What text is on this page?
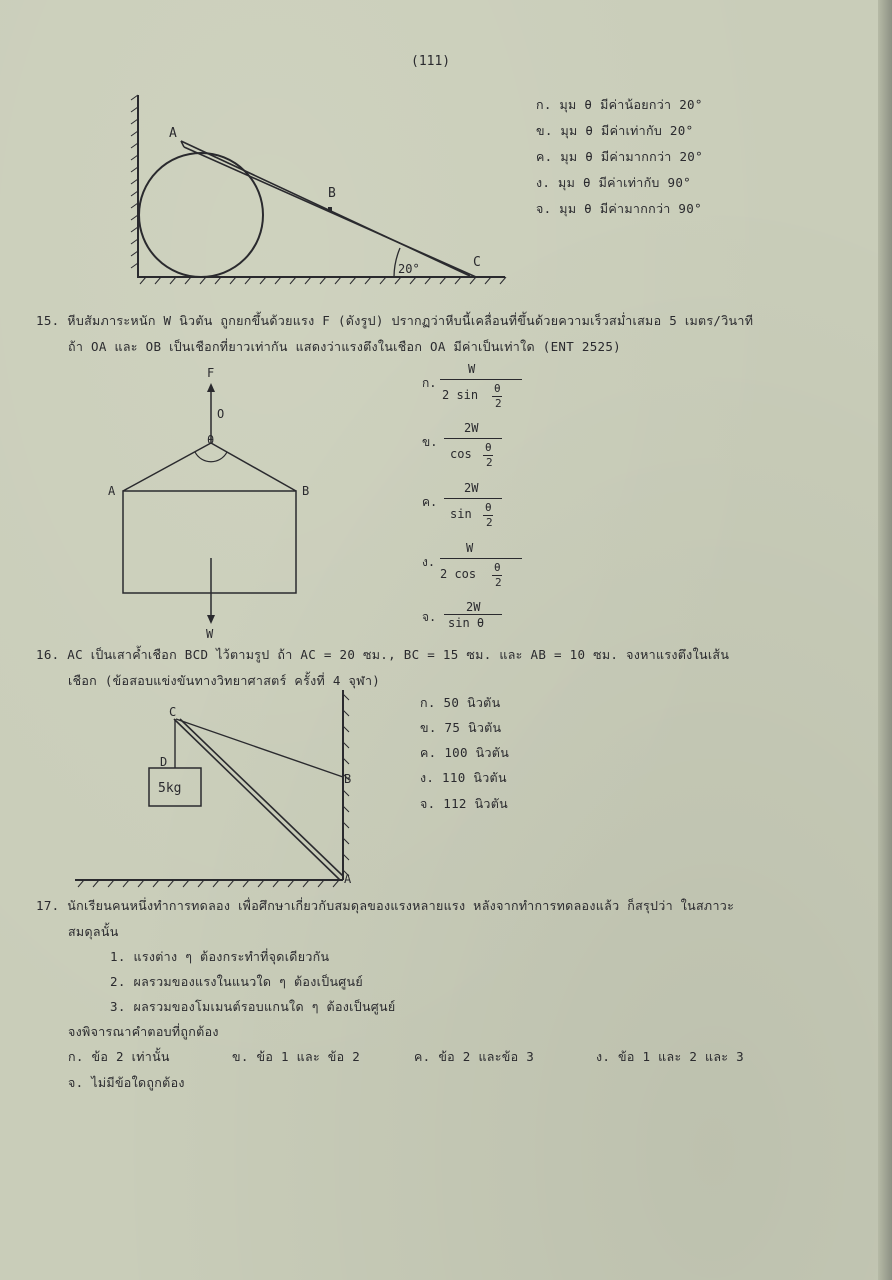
(111)
A
B
C
20°
ก. มุม θ มีค่าน้อยกว่า 20°
ข. มุม θ มีค่าเท่ากับ 20°
ค. มุม θ มีค่ามากกว่า 20°
ง. มุม θ มีค่าเท่ากับ 90°
จ. มุม θ มีค่ามากกว่า 90°
15. หีบสัมภาระหนัก W นิวตัน ถูกยกขึ้นด้วยแรง F (ดังรูป) ปรากฏว่าหีบนี้เคลื่อนที่ขึ้นด้วยความเร็วสม่ำเสมอ 5 เมตร/วินาที
ถ้า OA และ OB เป็นเชือกที่ยาวเท่ากัน แสดงว่าแรงตึงในเชือก OA มีค่าเป็นเท่าใด (ENT 2525)
F
O
θ
A	B
W
ก.
W
2 sin θ
2
ข.
2W
cos θ
2
ค.
2W
sin θ
2
ง.
W
2 cos θ
2
จ.
2W
sin θ
16. AC เป็นเสาค้ำเชือก BCD ไว้ตามรูป ถ้า AC = 20 ซม., BC = 15 ซม. และ AB = 10 ซม. จงหาแรงตึงในเส้น
เชือก (ข้อสอบแข่งขันทางวิทยาศาสตร์ ครั้งที่ 4 จุฬา)
C
D
B
A
5kg
ก. 50 นิวตัน
ข. 75 นิวตัน
ค. 100 นิวตัน
ง. 110 นิวตัน
จ. 112 นิวตัน
17. นักเรียนคนหนึ่งทำการทดลอง เพื่อศึกษาเกี่ยวกับสมดุลของแรงหลายแรง หลังจากทำการทดลองแล้ว ก็สรุปว่า ในสภาวะ
สมดุลนั้น
1. แรงต่าง ๆ ต้องกระทำที่จุดเดียวกัน
2. ผลรวมของแรงในแนวใด ๆ ต้องเป็นศูนย์
3. ผลรวมของโมเมนต์รอบแกนใด ๆ ต้องเป็นศูนย์
จงพิจารณาคำตอบที่ถูกต้อง
ก. ข้อ 2 เท่านั้น	ข. ข้อ 1 และ ข้อ 2	ค. ข้อ 2 และข้อ 3	ง. ข้อ 1 และ 2 และ 3
จ. ไม่มีข้อใดถูกต้อง
